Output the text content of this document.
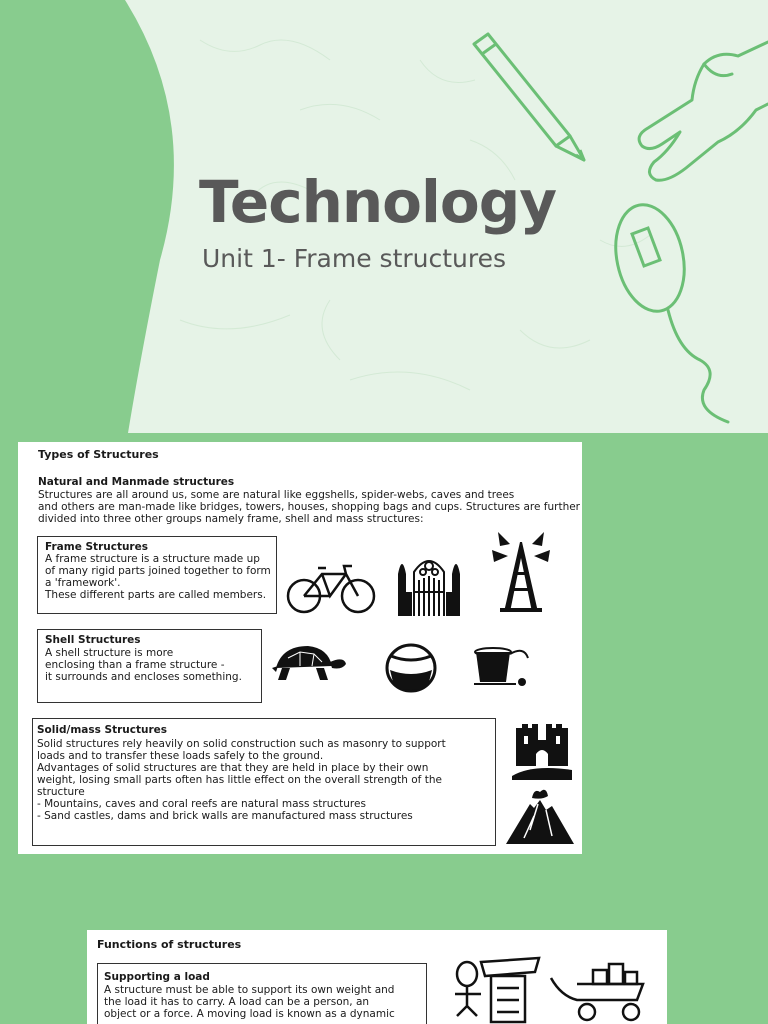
Technology

Unit 1- Frame structures

Types of Structures
Natural and Manmade structures
Structures are all around us, some are natural like eggshells, spider-webs, caves and trees
and others are man-made like bridges, towers, houses, shopping bags and cups. Structures are further
divided into three other groups namely frame, shell and mass structures:
Frame Structures
A frame structure is a structure made up
of many rigid parts joined together to form
a 'framework'.
These different parts are called members.
Shell Structures
A shell structure is more
enclosing than a frame structure -
it surrounds and encloses something.
Solid/mass Structures
Solid structures rely heavily on solid construction such as masonry to support
loads and to transfer these loads safely to the ground.
Advantages of solid structures are that they are held in place by their own
weight, losing small parts often has little effect on the overall strength of the
structure
- Mountains, caves and coral reefs are natural mass structures
- Sand castles, dams and brick walls are manufactured mass structures
Functions of structures
Supporting a load
A structure must be able to support its own weight and
the load it has to carry. A load can be a person, an
object or a force. A moving load is known as a dynamic
